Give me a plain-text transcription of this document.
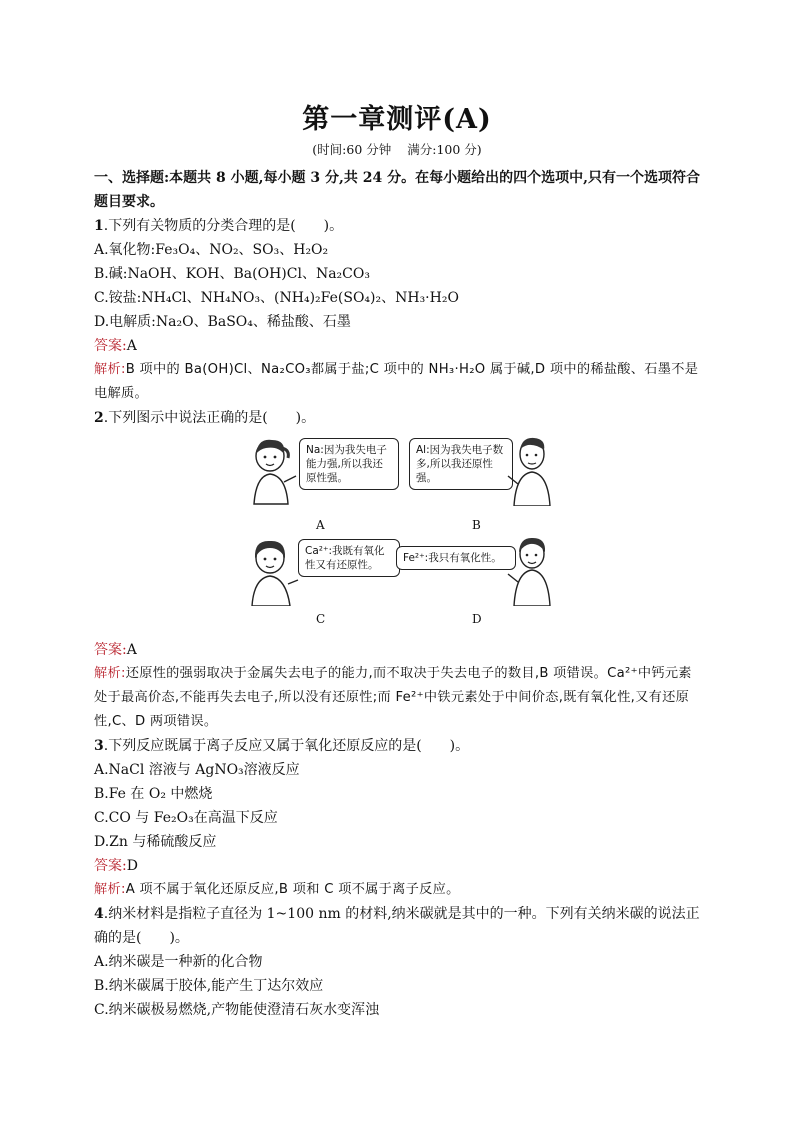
第一章测评(A)

(时间:60 分钟 满分:100 分)

一、选择题:本题共 8 小题,每小题 3 分,共 24 分。在每小题给出的四个选项中,只有一个选项符合题目要求。

1.下列有关物质的分类合理的是(　　)。

A.氧化物:Fe₃O₄、NO₂、SO₃、H₂O₂

B.碱:NaOH、KOH、Ba(OH)Cl、Na₂CO₃

C.铵盐:NH₄Cl、NH₄NO₃、(NH₄)₂Fe(SO₄)₂、NH₃·H₂O

D.电解质:Na₂O、BaSO₄、稀盐酸、石墨

答案:A

解析:B 项中的 Ba(OH)Cl、Na₂CO₃都属于盐;C 项中的 NH₃·H₂O 属于碱,D 项中的稀盐酸、石墨不是电解质。

2.下列图示中说法正确的是(　　)。

Na:因为我失电子能力强,所以我还原性强。
Al:因为我失电子数多,所以我还原性强。
A	B
Ca²⁺:我既有氧化性又有还原性。
Fe²⁺:我只有氧化性。
C	D

答案:A

解析:还原性的强弱取决于金属失去电子的能力,而不取决于失去电子的数目,B 项错误。Ca²⁺中钙元素处于最高价态,不能再失去电子,所以没有还原性;而 Fe²⁺中铁元素处于中间价态,既有氧化性,又有还原性,C、D 两项错误。

3.下列反应既属于离子反应又属于氧化还原反应的是(　　)。

A.NaCl 溶液与 AgNO₃溶液反应

B.Fe 在 O₂ 中燃烧

C.CO 与 Fe₂O₃在高温下反应

D.Zn 与稀硫酸反应

答案:D

解析:A 项不属于氧化还原反应,B 项和 C 项不属于离子反应。

4.纳米材料是指粒子直径为 1~100 nm 的材料,纳米碳就是其中的一种。下列有关纳米碳的说法正确的是(　　)。

A.纳米碳是一种新的化合物

B.纳米碳属于胶体,能产生丁达尔效应

C.纳米碳极易燃烧,产物能使澄清石灰水变浑浊
